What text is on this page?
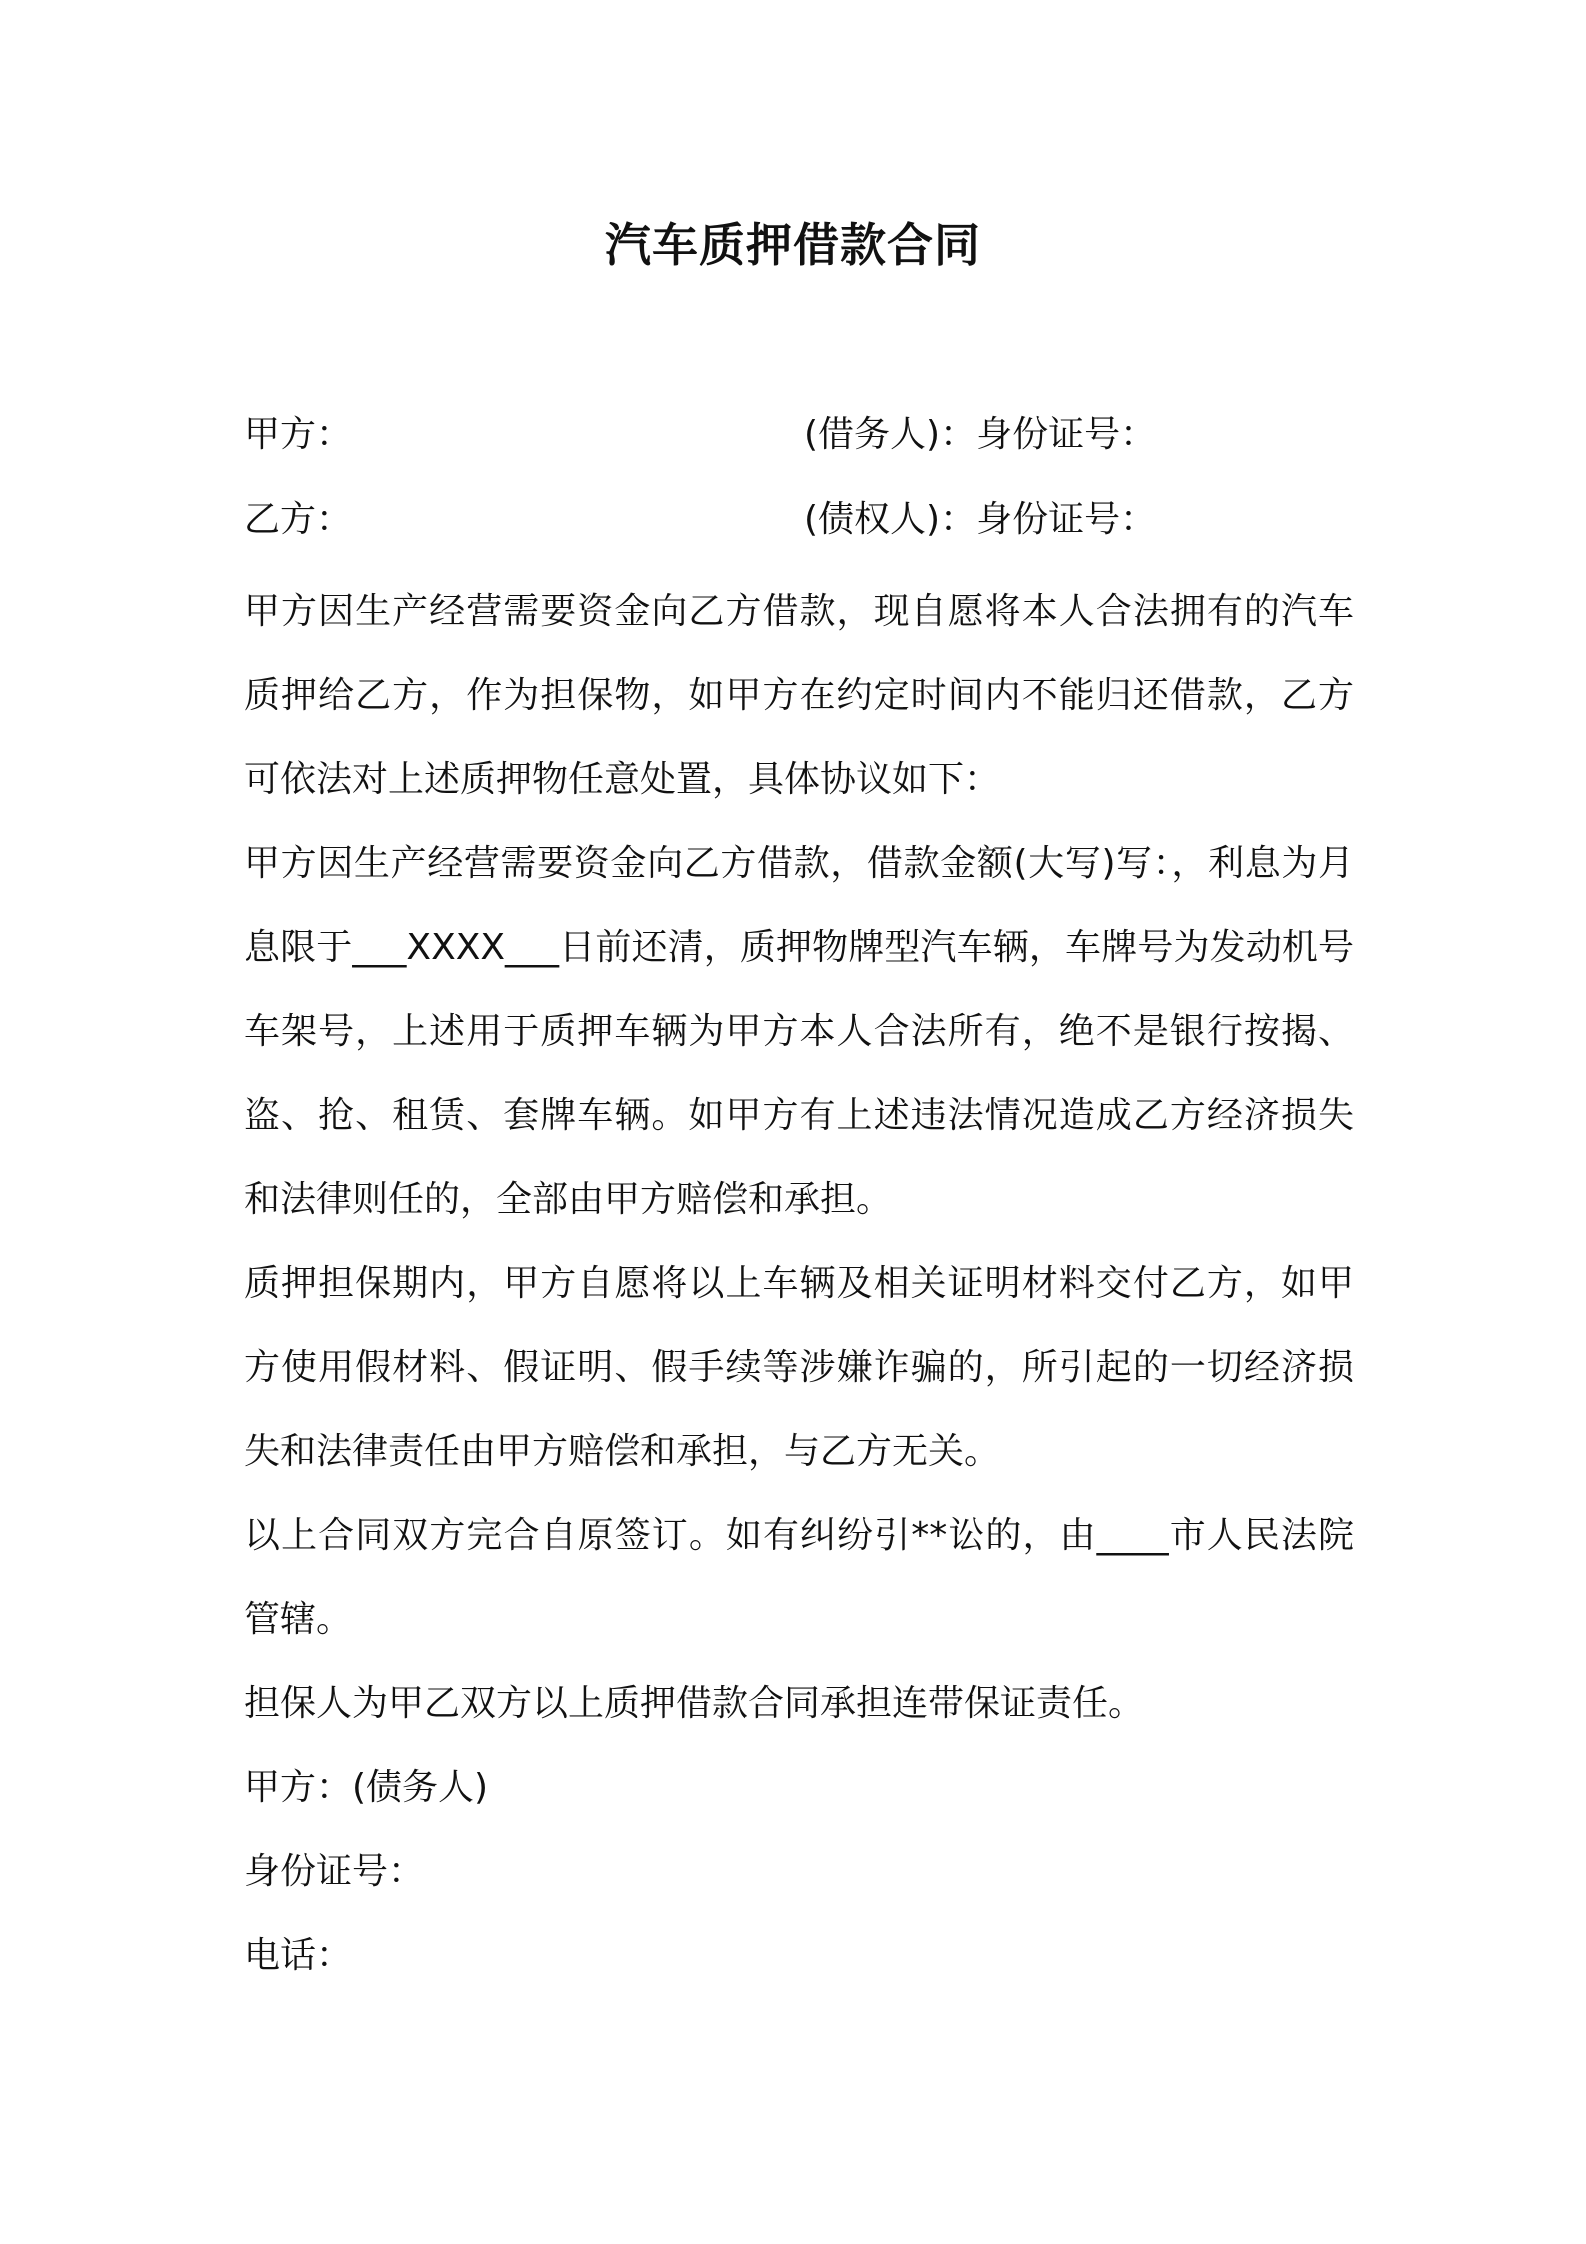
汽车质押借款合同
甲方：	(借务人)：身份证号：
乙方：	(债权人)：身份证号：

甲方因生产经营需要资金向乙方借款，现自愿将本人合法拥有的汽车质押给乙方，作为担保物，如甲方在约定时间内不能归还借款，乙方可依法对上述质押物任意处置，具体协议如下：

甲方因生产经营需要资金向乙方借款，借款金额(大写)写：，利息为月息限于___XXXX___日前还清，质押物牌型汽车辆，车牌号为发动机号车架号，上述用于质押车辆为甲方本人合法所有，绝不是银行按揭、盗、抢、租赁、套牌车辆。如甲方有上述违法情况造成乙方经济损失和法律则任的，全部由甲方赔偿和承担。

质押担保期内，甲方自愿将以上车辆及相关证明材料交付乙方，如甲方使用假材料、假证明、假手续等涉嫌诈骗的，所引起的一切经济损失和法律责任由甲方赔偿和承担，与乙方无关。

以上合同双方完合自原签订。如有纠纷引**讼的，由____市人民法院管辖。

担保人为甲乙双方以上质押借款合同承担连带保证责任。

甲方：(债务人)

身份证号：

电话：
